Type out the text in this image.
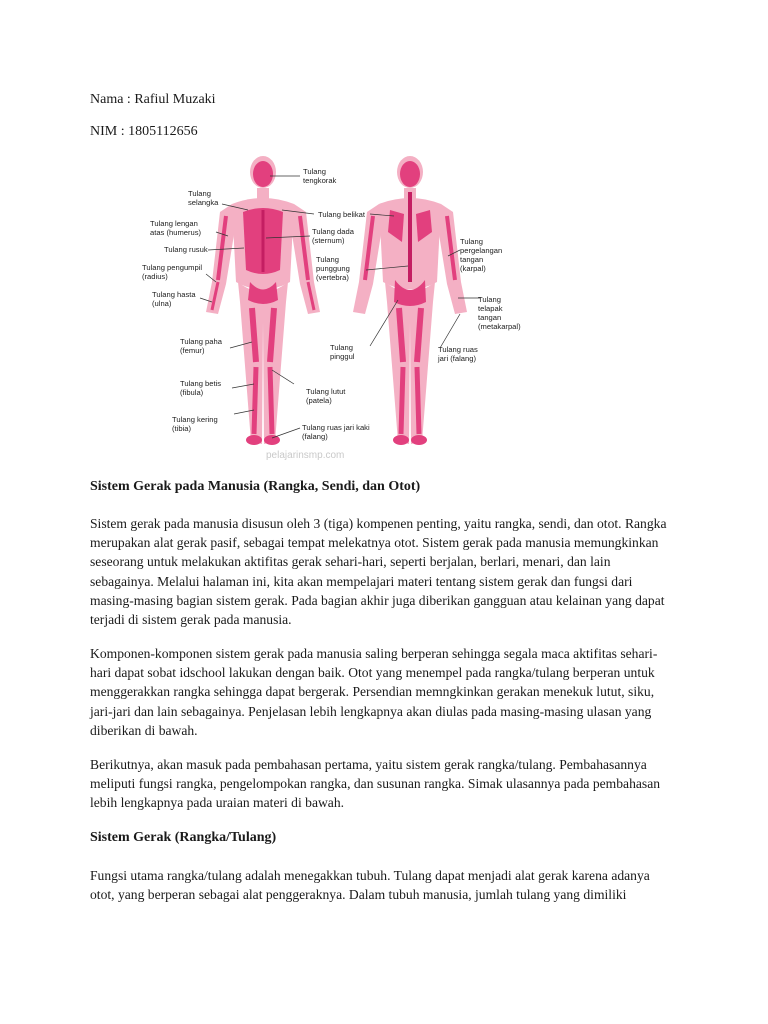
Nama : Rafiul Muzaki
NIM : 1805112656
Tulang tengkorak
Tulang selangka
Tulang lengan atas (humerus)
Tulang rusuk
Tulang pengumpil (radius)
Tulang hasta (ulna)
Tulang paha (femur)
Tulang betis (fibula)
Tulang kering (tibia)
Tulang belikat
Tulang dada (sternum)
Tulang punggung (vertebra)
Tulang pergelangan tangan (karpal)
Tulang telapak tangan (metakarpal)
Tulang pinggul
Tulang ruas jari (falang)
Tulang lutut (patela)
Tulang ruas jari kaki (falang)
pelajarinsmp.com
Sistem Gerak pada Manusia (Rangka, Sendi, dan Otot)
Sistem gerak pada manusia disusun oleh 3 (tiga) kompenen penting, yaitu rangka, sendi, dan otot. Rangka
merupakan alat gerak pasif, sebagai tempat melekatnya otot. Sistem gerak pada manusia memungkinkan
seseorang untuk melakukan aktifitas gerak sehari-hari, seperti berjalan, berlari, menari, dan lain
sebagainya. Melalui halaman ini, kita akan mempelajari materi tentang sistem gerak dan fungsi dari
masing-masing bagian sistem gerak. Pada bagian akhir juga diberikan gangguan atau kelainan yang dapat
terjadi di sistem gerak pada manusia.
Komponen-komponen sistem gerak pada manusia saling berperan sehingga segala maca aktifitas sehari-
hari dapat sobat idschool lakukan dengan baik. Otot yang menempel pada rangka/tulang berperan untuk
menggerakkan rangka sehingga dapat bergerak. Persendian memngkinkan gerakan menekuk lutut, siku,
jari-jari dan lain sebagainya. Penjelasan lebih lengkapnya akan diulas pada masing-masing ulasan yang
diberikan di bawah.
Berikutnya, akan masuk pada pembahasan pertama, yaitu sistem gerak rangka/tulang. Pembahasannya
meliputi fungsi rangka, pengelompokan rangka, dan susunan rangka. Simak ulasannya pada pembahasan
lebih lengkapnya pada uraian materi di bawah.
Sistem Gerak (Rangka/Tulang)
Fungsi utama rangka/tulang adalah menegakkan tubuh. Tulang dapat menjadi alat gerak karena adanya
otot, yang berperan sebagai alat penggeraknya. Dalam tubuh manusia, jumlah tulang yang dimiliki
